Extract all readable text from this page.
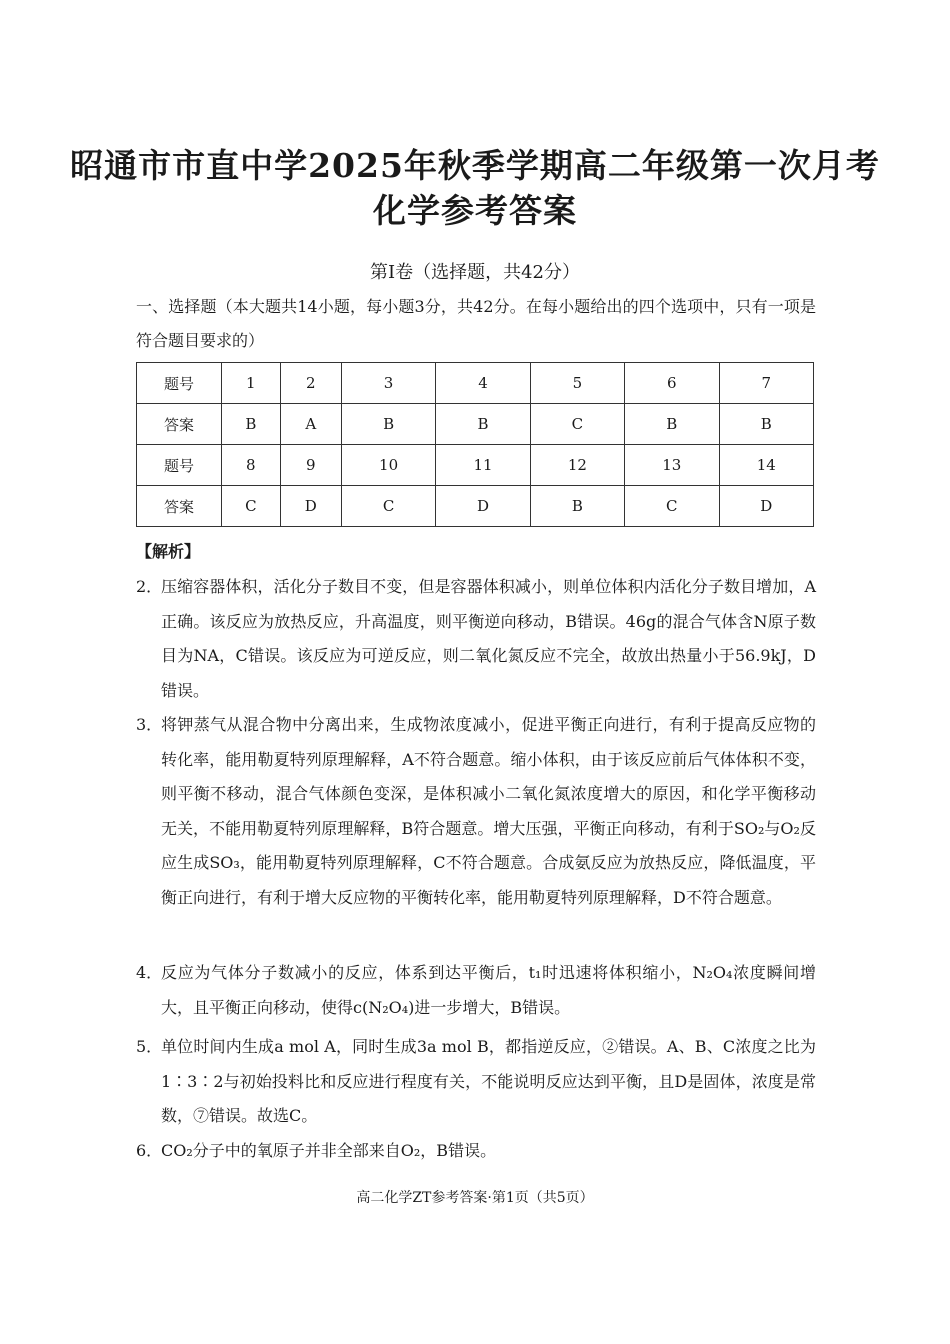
昭通市市直中学2025年秋季学期高二年级第一次月考
化学参考答案
第Ⅰ卷（选择题，共42分）
一、选择题（本大题共14小题，每小题3分，共42分。在每小题给出的四个选项中，只有一项是符合题目要求的）
题号	1	2	3	4	5	6	7
答案	B	A	B	B	C	B	B
题号	8	9	10	11	12	13	14
答案	C	D	C	D	B	C	D
【解析】
2．
压缩容器体积，活化分子数目不变，但是容器体积减小，则单位体积内活化分子数目增加，A正确。该反应为放热反应，升高温度，则平衡逆向移动，B错误。46g的混合气体含N原子数目为NA，C错误。该反应为可逆反应，则二氧化氮反应不完全，故放出热量小于56.9kJ，D错误。
3．
将钾蒸气从混合物中分离出来，生成物浓度减小，促进平衡正向进行，有利于提高反应物的转化率，能用勒夏特列原理解释，A不符合题意。缩小体积，由于该反应前后气体体积不变，则平衡不移动，混合气体颜色变深，是体积减小二氧化氮浓度增大的原因，和化学平衡移动无关，不能用勒夏特列原理解释，B符合题意。增大压强，平衡正向移动，有利于SO₂与O₂反应生成SO₃，能用勒夏特列原理解释，C不符合题意。合成氨反应为放热反应，降低温度，平衡正向进行，有利于增大反应物的平衡转化率，能用勒夏特列原理解释，D不符合题意。
4．
反应为气体分子数减小的反应，体系到达平衡后，t₁时迅速将体积缩小，N₂O₄浓度瞬间增大，且平衡正向移动，使得c(N₂O₄)进一步增大，B错误。
5．
单位时间内生成a mol A，同时生成3a mol B，都指逆反应，②错误。A、B、C浓度之比为1∶3∶2与初始投料比和反应进行程度有关，不能说明反应达到平衡，且D是固体，浓度是常数，⑦错误。故选C。
6．
CO₂分子中的氧原子并非全部来自O₂，B错误。
高二化学ZT参考答案·第1页（共5页）
